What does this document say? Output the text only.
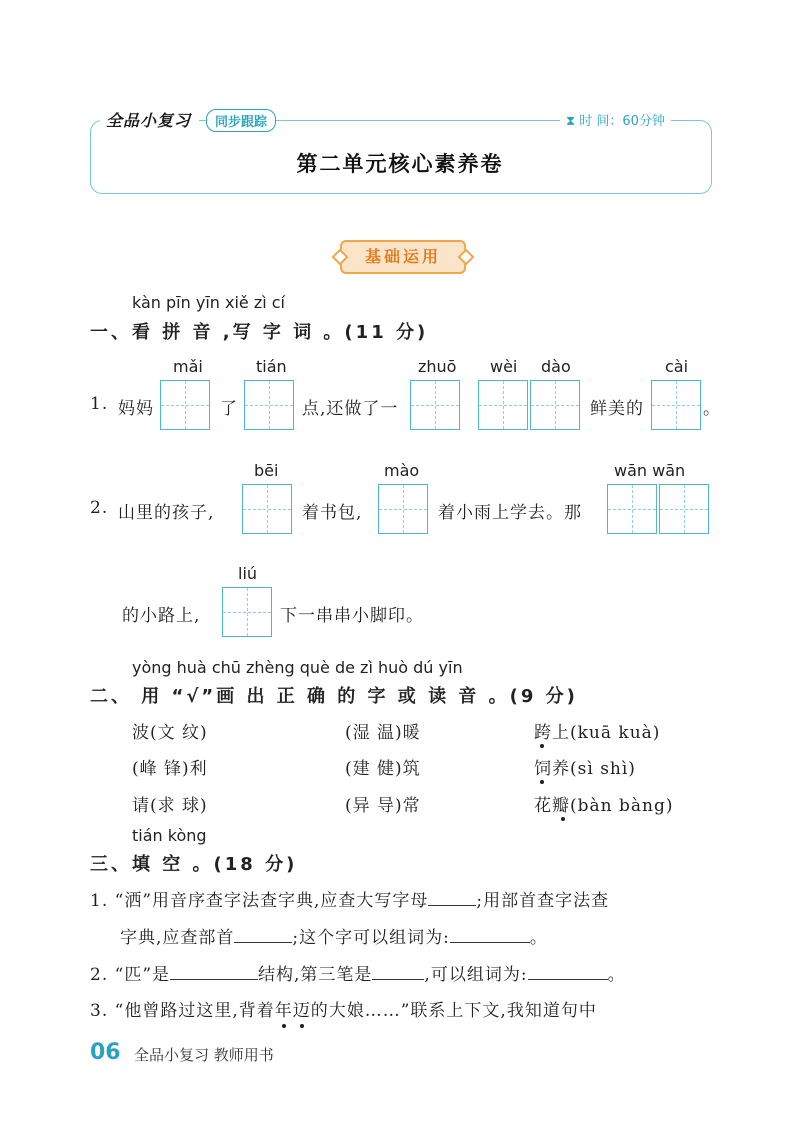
全品小复习	同步跟踪	⧗ 时 间：60分钟
第二单元核心素养卷
基础运用
kàn pīn yīn xiě zì cí
一、看 拼 音 ,写 字 词 。(11 分)
mǎi	tián	zhuō wèi dào	cài
1. 妈妈	了	点,还做了一	鲜美的	。
bēi	mào	wān wān
2. 山里的孩子,	着书包,	着小雨上学去。那
liú
的小路上,	下一串串小脚印。
yòng huà chū zhèng què de zì huò dú yīn
二、 用 “√”画 出 正 确 的 字 或 读 音 。(9 分)
波(文 纹)	(湿 温)暖	跨上(kuā kuà)
(峰 锋)利	(建 健)筑	饲养(sì shì)
请(求 球)	(异 导)常	花瓣(bàn bàng)
tián kòng
三、填 空 。(18 分)
1. “洒”用音序查字法查字典,应查大写字母	;用部首查字法查
字典,应查部首	;这个字可以组词为:	。
2. “匹”是	结构,第三笔是	,可以组词为:	。
3. “他曾路过这里,背着年迈的大娘……”联系上下文,我知道句中
06 全品小复习 教师用书
